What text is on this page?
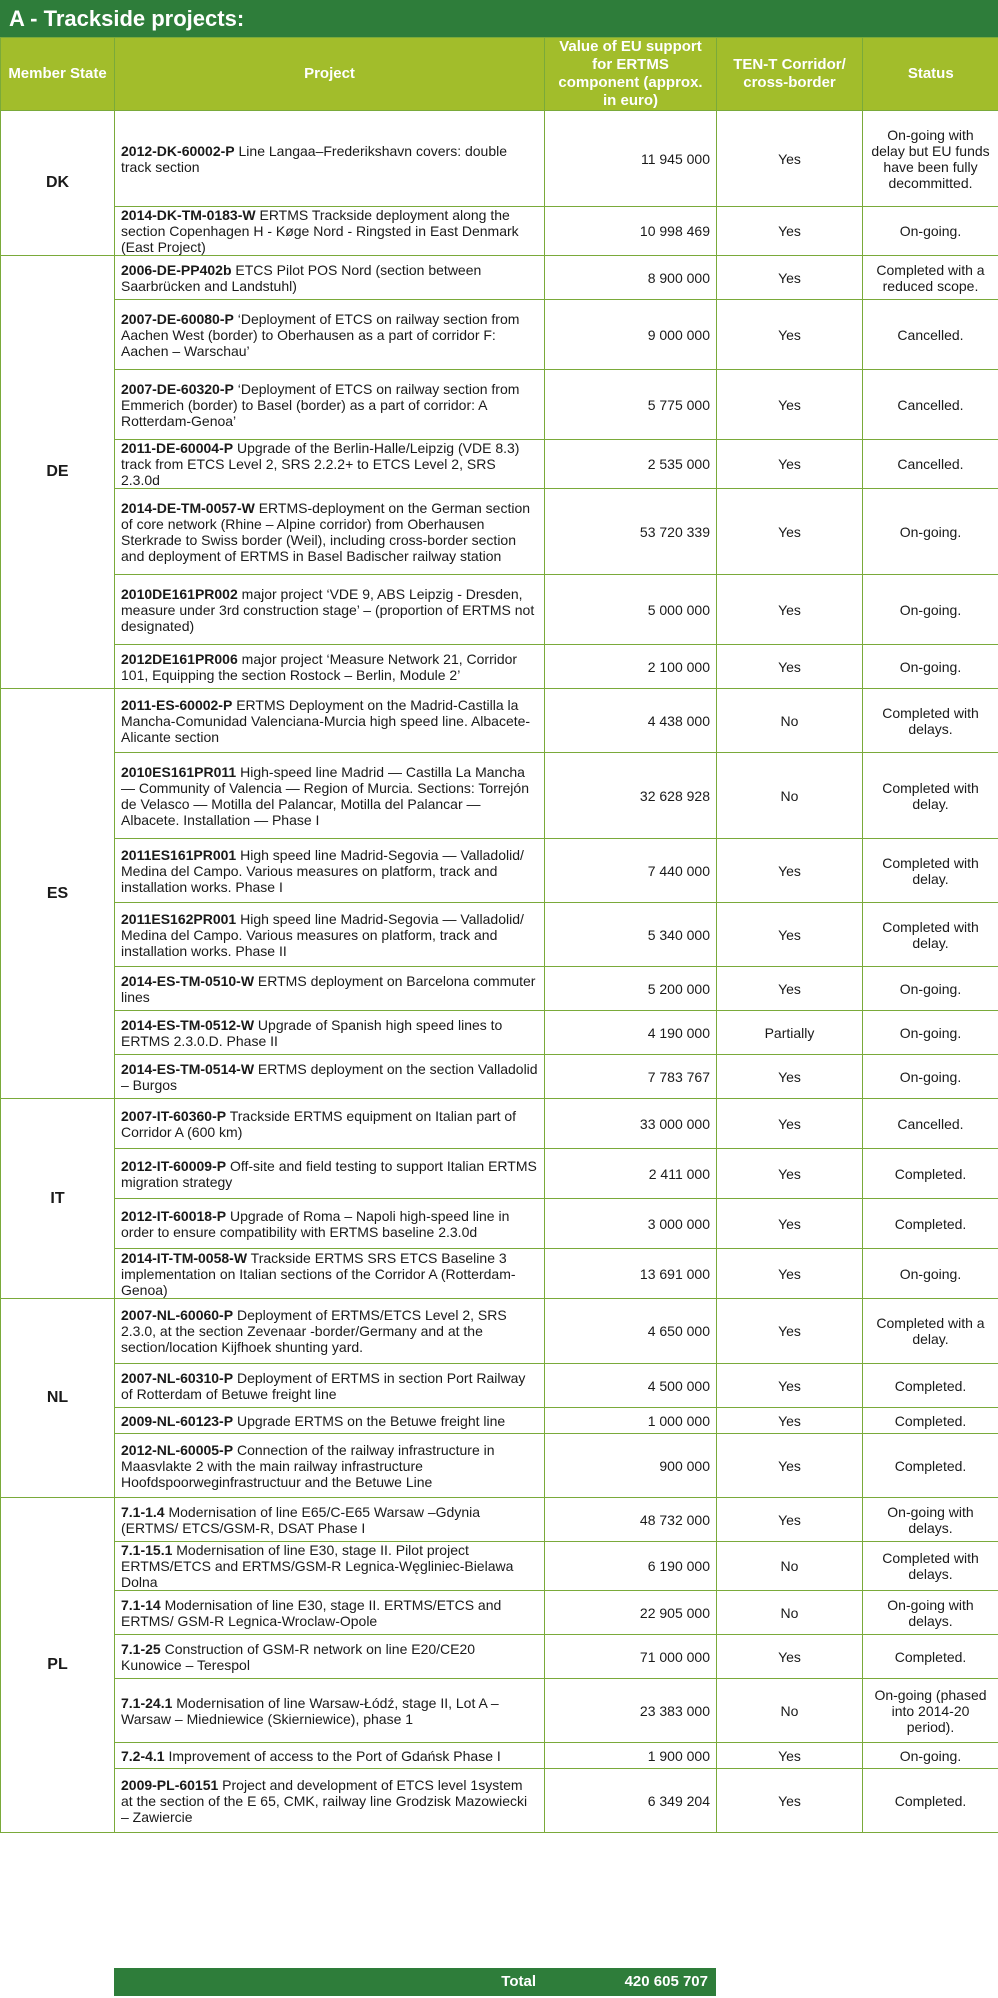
A - Trackside projects:
Member State	Project	Value of EU support for ERTMS component (approx. in euro)	TEN-T Corridor/ cross-border	Status
DK	2012-DK-60002-P Line Langaa–Frederikshavn covers: double track section	11 945 000	Yes	On-going with delay but EU funds have been fully decommitted.
	2014-DK-TM-0183-W ERTMS Trackside deployment along the section Copenhagen H - Køge Nord - Ringsted in East Denmark (East Project)	10 998 469	Yes	On-going.
DE	2006-DE-PP402b ETCS Pilot POS Nord (section between Saarbrücken and Landstuhl)	8 900 000	Yes	Completed with a reduced scope.
	2007-DE-60080-P ‘Deployment of ETCS on railway section from Aachen West (border) to Oberhausen as a part of corridor F: Aachen – Warschau’	9 000 000	Yes	Cancelled.
	2007-DE-60320-P ‘Deployment of ETCS on railway section from Emmerich (border) to Basel (border) as a part of corridor: A Rotterdam-Genoa’	5 775 000	Yes	Cancelled.
	2011-DE-60004-P Upgrade of the Berlin-Halle/Leipzig (VDE 8.3) track from ETCS Level 2, SRS 2.2.2+ to ETCS Level 2, SRS 2.3.0d	2 535 000	Yes	Cancelled.
	2014-DE-TM-0057-W ERTMS-deployment on the German section of core network (Rhine – Alpine corridor) from Oberhausen Sterkrade to Swiss border (Weil), including cross-border section and deployment of ERTMS in Basel Badischer railway station	53 720 339	Yes	On-going.
	2010DE161PR002 major project ‘VDE 9, ABS Leipzig - Dresden, measure under 3rd construction stage’ – (proportion of ERTMS not designated)	5 000 000	Yes	On-going.
	2012DE161PR006 major project ‘Measure Network 21, Corridor 101, Equipping the section Rostock – Berlin, Module 2’	2 100 000	Yes	On-going.
ES	2011-ES-60002-P ERTMS Deployment on the Madrid-Castilla la Mancha-Comunidad Valenciana-Murcia high speed line. Albacete-Alicante section	4 438 000	No	Completed with delays.
	2010ES161PR011 High-speed line Madrid — Castilla La Mancha — Community of Valencia — Region of Murcia. Sections: Torrejón de Velasco — Motilla del Palancar, Motilla del Palancar — Albacete. Installation — Phase I	32 628 928	No	Completed with delay.
	2011ES161PR001 High speed line Madrid-Segovia — Valladolid/ Medina del Campo. Various measures on platform, track and installation works. Phase I	7 440 000	Yes	Completed with delay.
	2011ES162PR001 High speed line Madrid-Segovia — Valladolid/ Medina del Campo. Various measures on platform, track and installation works. Phase II	5 340 000	Yes	Completed with delay.
	2014-ES-TM-0510-W ERTMS deployment on Barcelona commuter lines	5 200 000	Yes	On-going.
	2014-ES-TM-0512-W Upgrade of Spanish high speed lines to ERTMS 2.3.0.D. Phase II	4 190 000	Partially	On-going.
	2014-ES-TM-0514-W ERTMS deployment on the section Valladolid – Burgos	7 783 767	Yes	On-going.
IT	2007-IT-60360-P Trackside ERTMS equipment on Italian part of Corridor A (600 km)	33 000 000	Yes	Cancelled.
	2012-IT-60009-P Off-site and field testing to support Italian ERTMS migration strategy	2 411 000	Yes	Completed.
	2012-IT-60018-P Upgrade of Roma – Napoli high-speed line in order to ensure compatibility with ERTMS baseline 2.3.0d	3 000 000	Yes	Completed.
	2014-IT-TM-0058-W Trackside ERTMS SRS ETCS Baseline 3 implementation on Italian sections of the Corridor A (Rotterdam-Genoa)	13 691 000	Yes	On-going.
NL	2007-NL-60060-P Deployment of ERTMS/ETCS Level 2, SRS 2.3.0, at the section Zevenaar -border/Germany and at the section/location Kijfhoek shunting yard.	4 650 000	Yes	Completed with a delay.
	2007-NL-60310-P Deployment of ERTMS in section Port Railway of Rotterdam of Betuwe freight line	4 500 000	Yes	Completed.
	2009-NL-60123-P Upgrade ERTMS on the Betuwe freight line	1 000 000	Yes	Completed.
	2012-NL-60005-P Connection of the railway infrastructure in Maasvlakte 2 with the main railway infrastructure Hoofdspoorweginfrastructuur and the Betuwe Line	900 000	Yes	Completed.
PL	7.1-1.4 Modernisation of line E65/C-E65 Warsaw –Gdynia (ERTMS/ ETCS/GSM-R, DSAT Phase I	48 732 000	Yes	On-going with delays.
	7.1-15.1 Modernisation of line E30, stage II. Pilot project ERTMS/ETCS and ERTMS/GSM-R Legnica-Węgliniec-Bielawa Dolna	6 190 000	No	Completed with delays.
	7.1-14 Modernisation of line E30, stage II. ERTMS/ETCS and ERTMS/ GSM-R Legnica-Wroclaw-Opole	22 905 000	No	On-going with delays.
	7.1-25 Construction of GSM-R network on line E20/CE20 Kunowice – Terespol	71 000 000	Yes	Completed.
	7.1-24.1 Modernisation of line Warsaw-Łódź, stage II, Lot A – Warsaw – Miedniewice (Skierniewice), phase 1	23 383 000	No	On-going (phased into 2014-20 period).
	7.2-4.1 Improvement of access to the Port of Gdańsk Phase I	1 900 000	Yes	On-going.
	2009-PL-60151 Project and development of ETCS level 1system at the section of the E 65, CMK, railway line Grodzisk Mazowiecki – Zawiercie	6 349 204	Yes	Completed.
	Total	420 605 707	
